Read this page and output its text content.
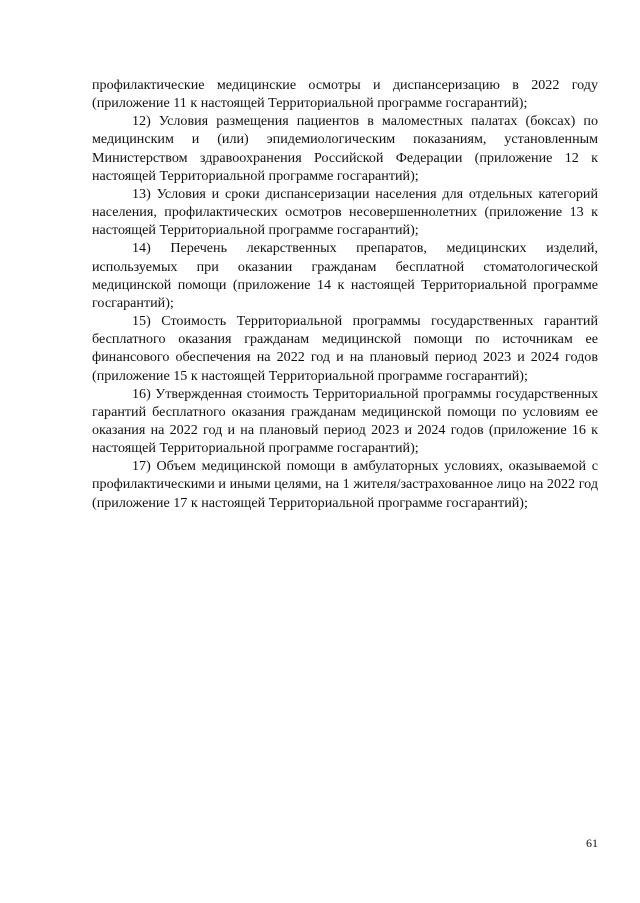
профилактические медицинские осмотры и диспансеризацию в 2022 году (приложение 11 к настоящей Территориальной программе госгарантий);

12) Условия размещения пациентов в маломестных палатах (боксах) по медицинским и (или) эпидемиологическим показаниям, установленным Министерством здравоохранения Российской Федерации (приложение 12 к настоящей Территориальной программе госгарантий);

13) Условия и сроки диспансеризации населения для отдельных категорий населения, профилактических осмотров несовершеннолетних (приложение 13 к настоящей Территориальной программе госгарантий);

14) Перечень лекарственных препаратов, медицинских изделий, используемых при оказании гражданам бесплатной стоматологической медицинской помощи (приложение 14 к настоящей Территориальной программе госгарантий);

15) Стоимость Территориальной программы государственных гарантий бесплатного оказания гражданам медицинской помощи по источникам ее финансового обеспечения на 2022 год и на плановый период 2023 и 2024 годов (приложение 15 к настоящей Территориальной программе госгарантий);

16) Утвержденная стоимость Территориальной программы государственных гарантий бесплатного оказания гражданам медицинской помощи по условиям ее оказания на 2022 год и на плановый период 2023 и 2024 годов (приложение 16 к настоящей Территориальной программе госгарантий);

17) Объем медицинской помощи в амбулаторных условиях, оказываемой с профилактическими и иными целями, на 1 жителя/застрахованное лицо на 2022 год (приложение 17 к настоящей Территориальной программе госгарантий);

61
